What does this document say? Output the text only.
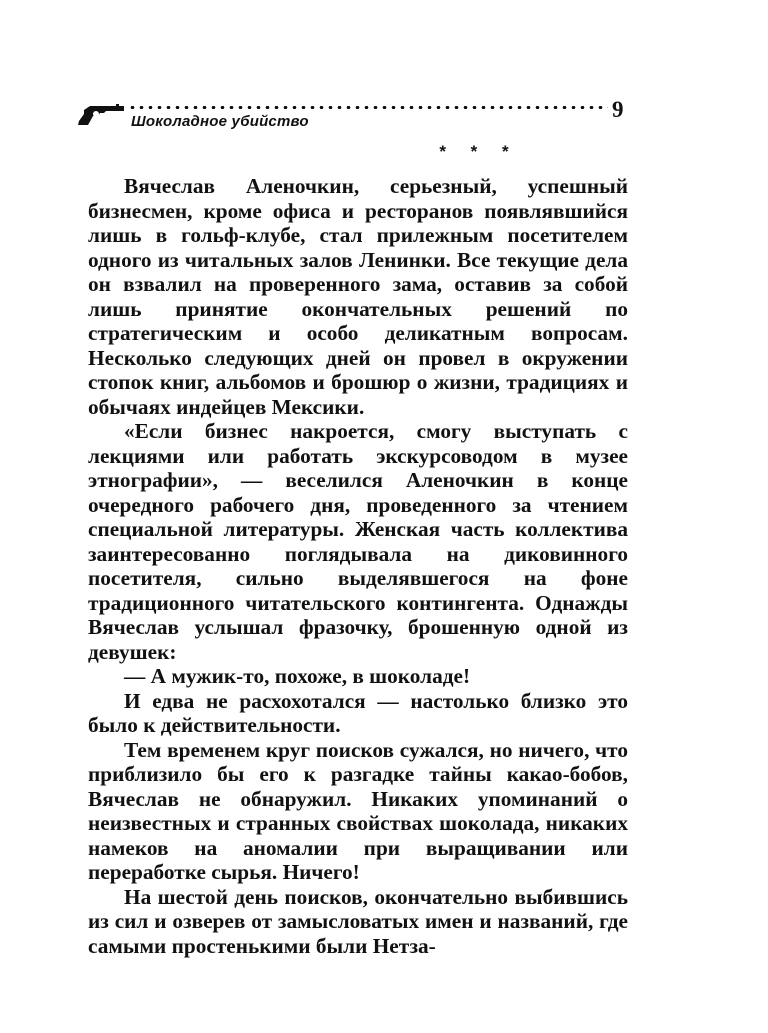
Шоколадное убийство	9
* * *

Вячеслав Аленочкин, серьезный, успешный бизнесмен, кроме офиса и ресторанов появлявшийся лишь в гольф-клубе, стал прилежным посетителем одного из читальных залов Ленинки. Все текущие дела он взвалил на проверенного зама, оставив за собой лишь принятие окончательных решений по стратегическим и особо деликатным вопросам. Несколько следующих дней он провел в окружении стопок книг, альбомов и брошюр о жизни, традициях и обычаях индейцев Мексики.

«Если бизнес накроется, смогу выступать с лекциями или работать экскурсоводом в музее этнографии», — веселился Аленочкин в конце очередного рабочего дня, проведенного за чтением специальной литературы. Женская часть коллектива заинтересованно поглядывала на диковинного посетителя, сильно выделявшегося на фоне традиционного читательского контингента. Однажды Вячеслав услышал фразочку, брошенную одной из девушек:

— А мужик-то, похоже, в шоколаде!

И едва не расхохотался — настолько близко это было к действительности.

Тем временем круг поисков сужался, но ничего, что приблизило бы его к разгадке тайны какао-бобов, Вячеслав не обнаружил. Никаких упоминаний о неизвестных и странных свойствах шоколада, никаких намеков на аномалии при выращивании или переработке сырья. Ничего!

На шестой день поисков, окончательно выбившись из сил и озверев от замысловатых имен и названий, где самыми простенькими были Нетза-
